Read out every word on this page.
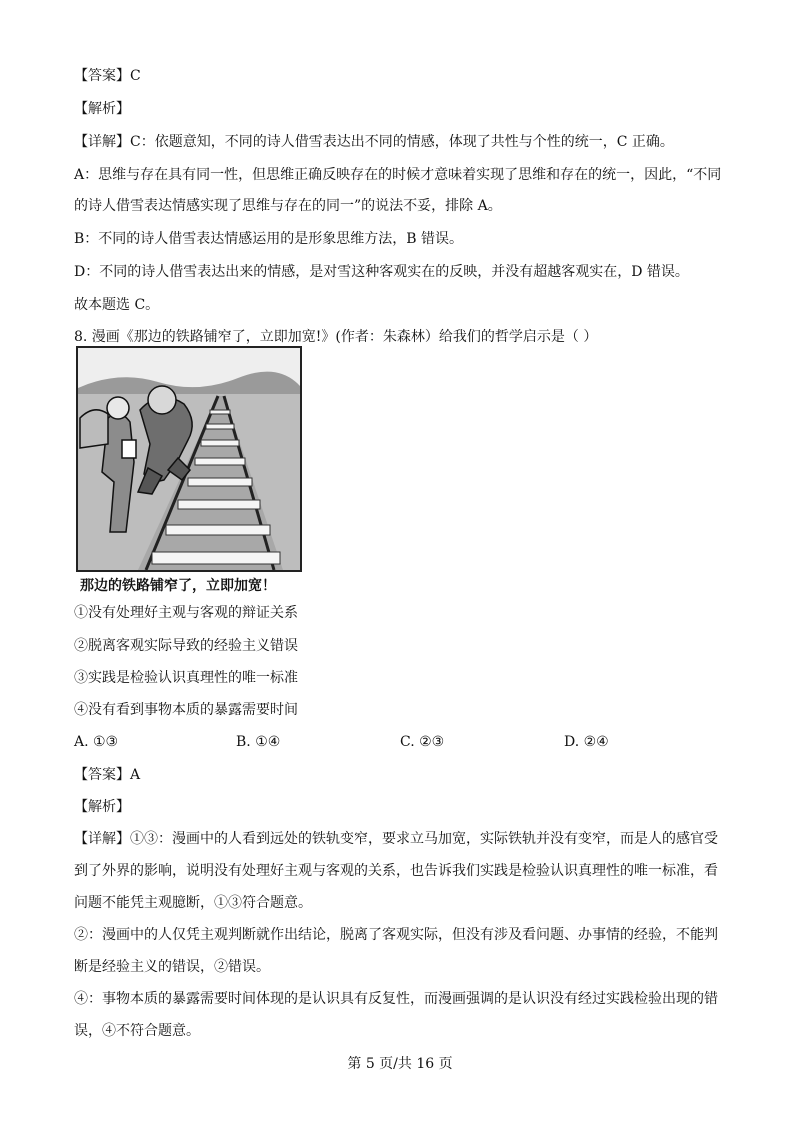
【答案】C
【解析】
【详解】C：依题意知，不同的诗人借雪表达出不同的情感，体现了共性与个性的统一，C 正确。
A：思维与存在具有同一性，但思维正确反映存在的时候才意味着实现了思维和存在的统一，因此，“不同
的诗人借雪表达情感实现了思维与存在的同一”的说法不妥，排除 A。
B：不同的诗人借雪表达情感运用的是形象思维方法，B 错误。
D：不同的诗人借雪表达出来的情感，是对雪这种客观实在的反映，并没有超越客观实在，D 错误。
故本题选 C。
8. 漫画《那边的铁路铺窄了，立即加宽!》(作者：朱森林）给我们的哲学启示是（ ）
那边的铁路铺窄了，立即加宽！
①没有处理好主观与客观的辩证关系
②脱离客观实际导致的经验主义错误
③实践是检验认识真理性的唯一标准
④没有看到事物本质的暴露需要时间
A. ①③	B. ①④	C. ②③	D. ②④
【答案】A
【解析】
【详解】①③：漫画中的人看到远处的铁轨变窄，要求立马加宽，实际铁轨并没有变窄，而是人的感官受
到了外界的影响，说明没有处理好主观与客观的关系，也告诉我们实践是检验认识真理性的唯一标准，看
问题不能凭主观臆断，①③符合题意。
②：漫画中的人仅凭主观判断就作出结论，脱离了客观实际，但没有涉及看问题、办事情的经验，不能判
断是经验主义的错误，②错误。
④：事物本质的暴露需要时间体现的是认识具有反复性，而漫画强调的是认识没有经过实践检验出现的错
误，④不符合题意。
第 5 页/共 16 页
